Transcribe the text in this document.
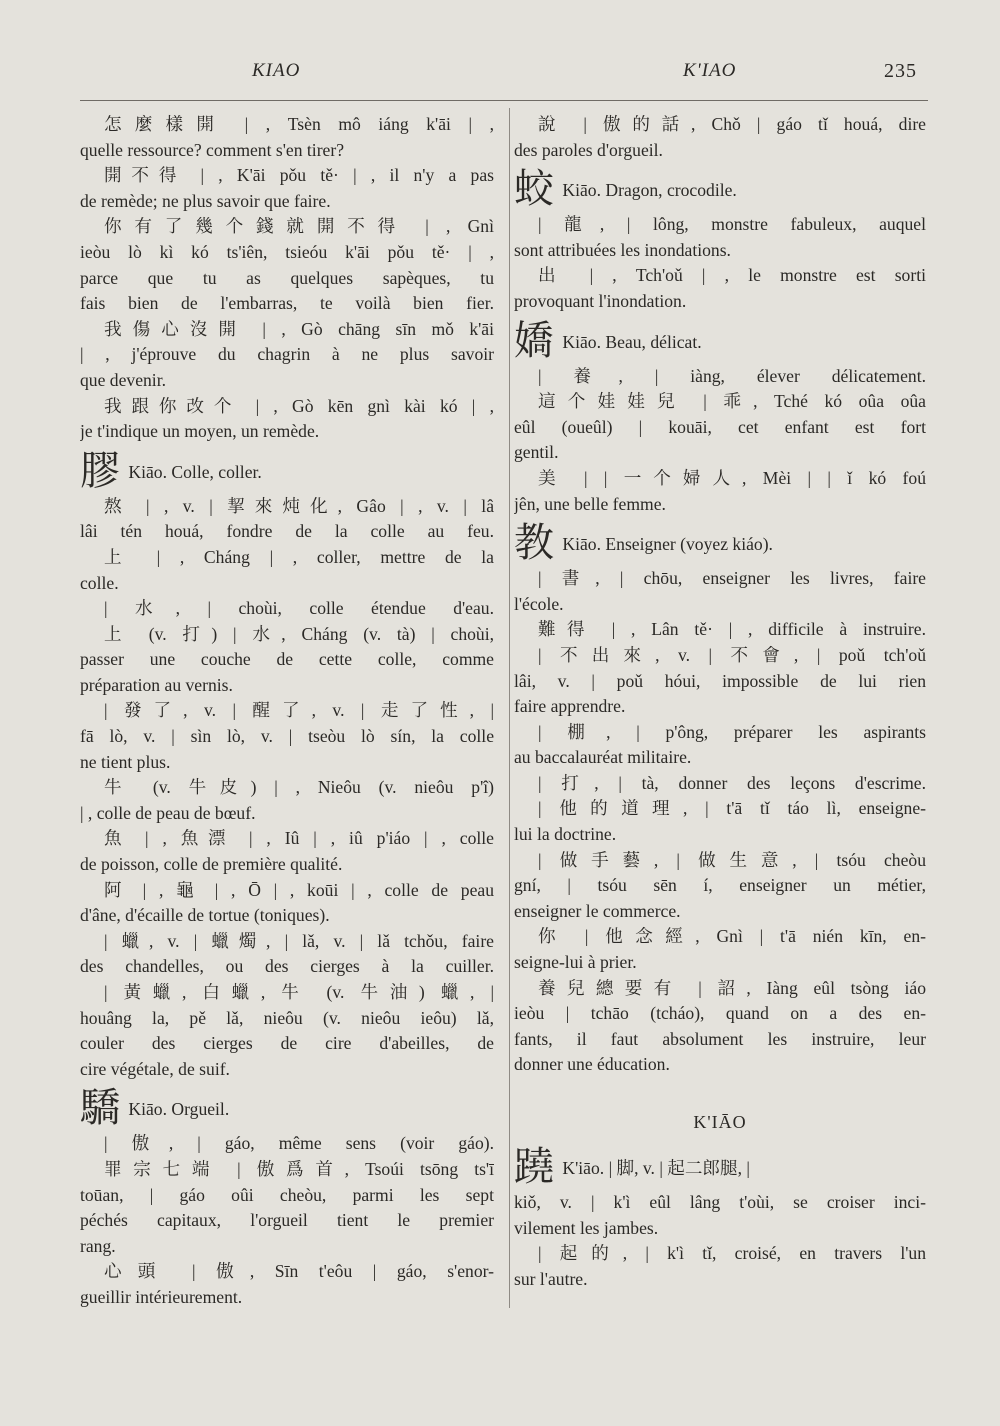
KIAO	K'IAO	235
怎麼樣開 | , Tsèn mô iáng k'āi | ,
quelle ressource? comment s'en tirer?
開不得 | , K'āi pǒu tě· | , il n'y a pas
de remède; ne plus savoir que faire.
你有了幾个錢就開不得 | , Gnì
ieòu lò kì kó ts'iên, tsieóu k'āi pǒu tě· | ,
parce que tu as quelques sapèques, tu
fais bien de l'embarras, te voilà bien fier.
我傷心沒開 | , Gò chāng sīn mǒ k'āi
| , j'éprouve du chagrin à ne plus savoir
que devenir.
我跟你改个 | , Gò kēn gnì kài kó | ,
je t'indique un moyen, un remède.
膠 Kiāo. Colle, coller.
熬 | , v. | 挈來炖化, Gâo | , v. | lâ
lâi tén houá, fondre de la colle au feu.
上 | , Cháng | , coller, mettre de la
colle.
| 水, | choùi, colle étendue d'eau.
上 (v. 打) | 水, Cháng (v. tà) | choùi,
passer une couche de cette colle, comme
préparation au vernis.
| 發了, v. | 醒了, v. | 走了性, |
fā lò, v. | sìn lò, v. | tseòu lò sín, la colle
ne tient plus.
牛 (v. 牛皮) | , Nieôu (v. nieôu p'î)
| , colle de peau de bœuf.
魚 | , 魚漂 | , Iû | , iû p'iáo | , colle
de poisson, colle de première qualité.
阿 | , 龜 | , Ō | , koūi | , colle de peau
d'âne, d'écaille de tortue (toniques).
| 蠟, v. | 蠟燭, | lǎ, v. | lǎ tchǒu, faire
des chandelles, ou des cierges à la cuiller.
| 黃蠟, 白蠟, 牛 (v. 牛油) 蠟, |
houâng la, pě lǎ, nieôu (v. nieôu ieôu) lǎ,
couler des cierges de cire d'abeilles, de
cire végétale, de suif.
驕 Kiāo. Orgueil.
| 傲, | gáo, même sens (voir gáo).
罪宗七端 | 傲爲首, Tsoúi tsōng ts'ī
toūan, | gáo oûi cheòu, parmi les sept
péchés capitaux, l'orgueil tient le premier
rang.
心頭 | 傲, Sīn t'eôu | gáo, s'enor-
gueillir intérieurement.
說 | 傲的話, Chǒ | gáo tǐ houá, dire
des paroles d'orgueil.
蛟 Kiāo. Dragon, crocodile.
| 龍, | lông, monstre fabuleux, auquel
sont attribuées les inondations.
出 | , Tch'oǔ | , le monstre est sorti
provoquant l'inondation.
嬌 Kiāo. Beau, délicat.
| 養, | iàng, élever délicatement.
這个娃娃兒 | 乖, Tché kó oûa oûa
eûl (oueûl) | kouāi, cet enfant est fort
gentil.
美 | | 一个婦人, Mèi | | ǐ kó foú
jên, une belle femme.
教 Kiāo. Enseigner (voyez kiáo).
| 書, | chōu, enseigner les livres, faire
l'école.
難得 | , Lân tě· | , difficile à instruire.
| 不出來, v. | 不會, | poǔ tch'oǔ
lâi, v. | poǔ hóui, impossible de lui rien
faire apprendre.
| 棚, | p'ông, préparer les aspirants
au baccalauréat militaire.
| 打, | tà, donner des leçons d'escrime.
| 他的道理, | t'ā tǐ táo lì, enseigne-
lui la doctrine.
| 做手藝, | 做生意, | tsóu cheòu
gní, | tsóu sēn í, enseigner un métier,
enseigner le commerce.
你 | 他念經, Gnì | t'ā nién kīn, en-
seigne-lui à prier.
養兒總要有 | 詔, Iàng eûl tsòng iáo
ieòu | tchāo (tcháo), quand on a des en-
fants, il faut absolument les instruire, leur
donner une éducation.
K'IĀO
蹺 K'iāo. | 脚, v. | 起二郎腿, |
kiǒ, v. | k'ì eûl lâng t'oùi, se croiser inci-
vilement les jambes.
| 起的, | k'ì tǐ, croisé, en travers l'un
sur l'autre.
